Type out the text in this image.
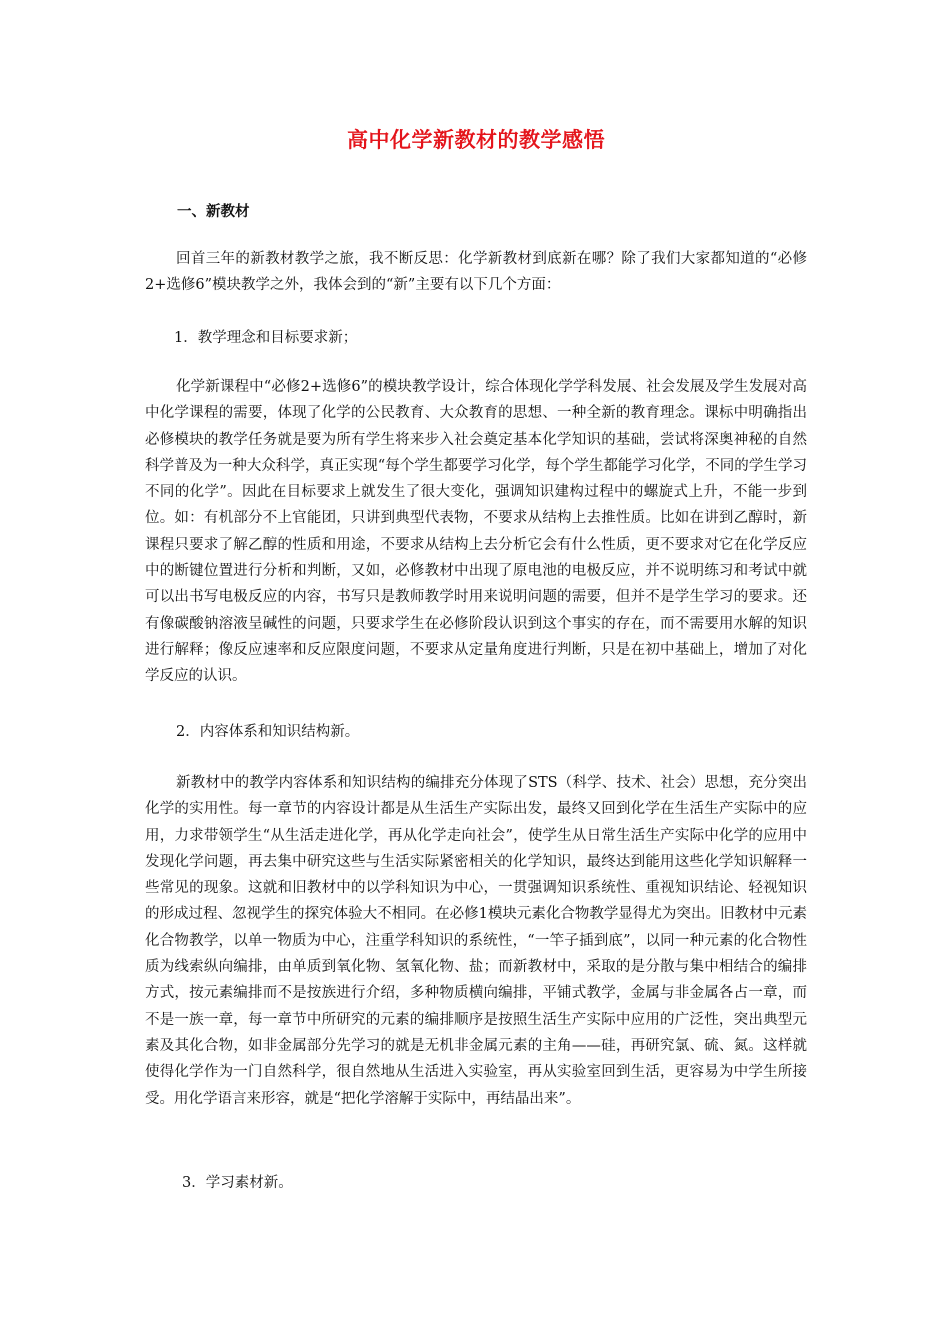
高中化学新教材的教学感悟
一、新教材

回首三年的新教材教学之旅，我不断反思：化学新教材到底新在哪？除了我们大家都知道的“必修2+选修6”模块教学之外，我体会到的“新”主要有以下几个方面：

1．教学理念和目标要求新；

化学新课程中“必修2+选修6”的模块教学设计，综合体现化学学科发展、社会发展及学生发展对高中化学课程的需要，体现了化学的公民教育、大众教育的思想、一种全新的教育理念。课标中明确指出必修模块的教学任务就是要为所有学生将来步入社会奠定基本化学知识的基础，尝试将深奥神秘的自然科学普及为一种大众科学，真正实现“每个学生都要学习化学，每个学生都能学习化学，不同的学生学习不同的化学”。因此在目标要求上就发生了很大变化，强调知识建构过程中的螺旋式上升，不能一步到位。如：有机部分不上官能团，只讲到典型代表物，不要求从结构上去推性质。比如在讲到乙醇时，新课程只要求了解乙醇的性质和用途，不要求从结构上去分析它会有什么性质，更不要求对它在化学反应中的断键位置进行分析和判断，又如，必修教材中出现了原电池的电极反应，并不说明练习和考试中就可以出书写电极反应的内容，书写只是教师教学时用来说明问题的需要，但并不是学生学习的要求。还有像碳酸钠溶液呈碱性的问题，只要求学生在必修阶段认识到这个事实的存在，而不需要用水解的知识进行解释；像反应速率和反应限度问题，不要求从定量角度进行判断，只是在初中基础上，增加了对化学反应的认识。

2．内容体系和知识结构新。

新教材中的教学内容体系和知识结构的编排充分体现了STS（科学、技术、社会）思想，充分突出化学的实用性。每一章节的内容设计都是从生活生产实际出发，最终又回到化学在生活生产实际中的应用，力求带领学生“从生活走进化学，再从化学走向社会”，使学生从日常生活生产实际中化学的应用中发现化学问题，再去集中研究这些与生活实际紧密相关的化学知识，最终达到能用这些化学知识解释一些常见的现象。这就和旧教材中的以学科知识为中心，一贯强调知识系统性、重视知识结论、轻视知识的形成过程、忽视学生的探究体验大不相同。在必修1模块元素化合物教学显得尤为突出。旧教材中元素化合物教学，以单一物质为中心，注重学科知识的系统性，“一竿子插到底”，以同一种元素的化合物性质为线索纵向编排，由单质到氧化物、氢氧化物、盐；而新教材中，采取的是分散与集中相结合的编排方式，按元素编排而不是按族进行介绍，多种物质横向编排，平铺式教学，金属与非金属各占一章，而不是一族一章，每一章节中所研究的元素的编排顺序是按照生活生产实际中应用的广泛性，突出典型元素及其化合物，如非金属部分先学习的就是无机非金属元素的主角——硅，再研究氯、硫、氮。这样就使得化学作为一门自然科学，很自然地从生活进入实验室，再从实验室回到生活，更容易为中学生所接受。用化学语言来形容，就是“把化学溶解于实际中，再结晶出来”。

3．学习素材新。
